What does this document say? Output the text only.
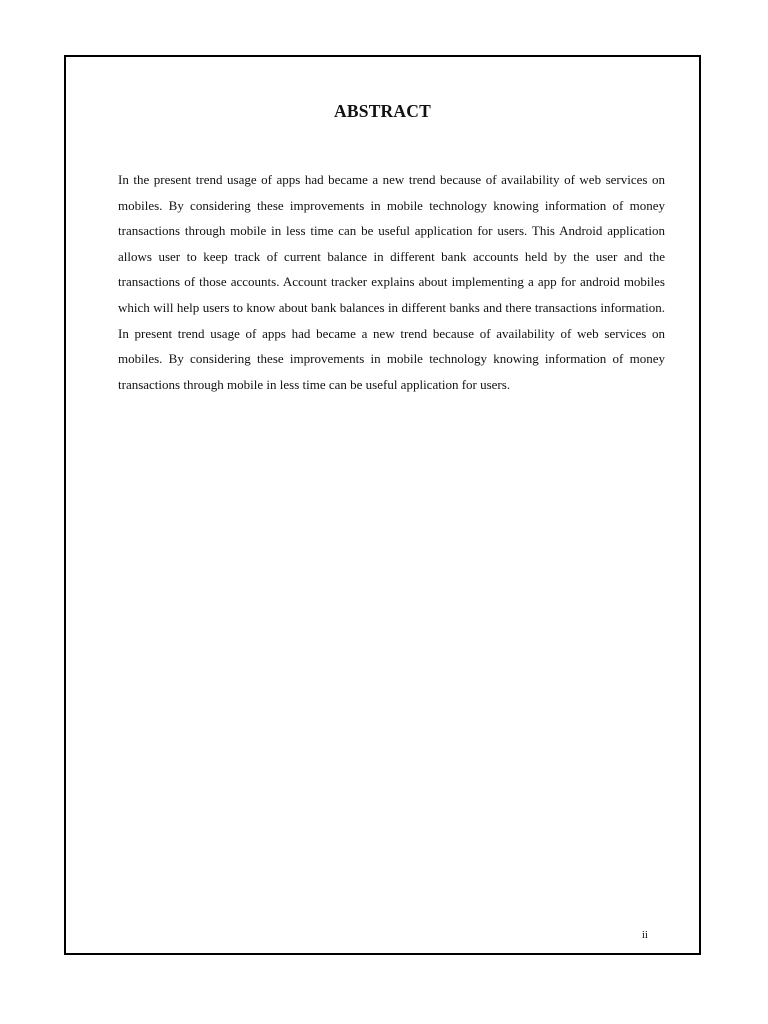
ABSTRACT

In the present trend usage of apps had became a new trend because of availability of web services on mobiles. By considering these improvements in mobile technology knowing information of money transactions through mobile in less time can be useful application for users. This Android application allows user to keep track of current balance in different bank accounts held by the user and the transactions of those accounts. Account tracker explains about implementing a app for android mobiles which will help users to know about bank balances in different banks and there transactions information. In present trend usage of apps had became a new trend because of availability of web services on mobiles. By considering these improvements in mobile technology knowing information of money transactions through mobile in less time can be useful application for users.

ii
